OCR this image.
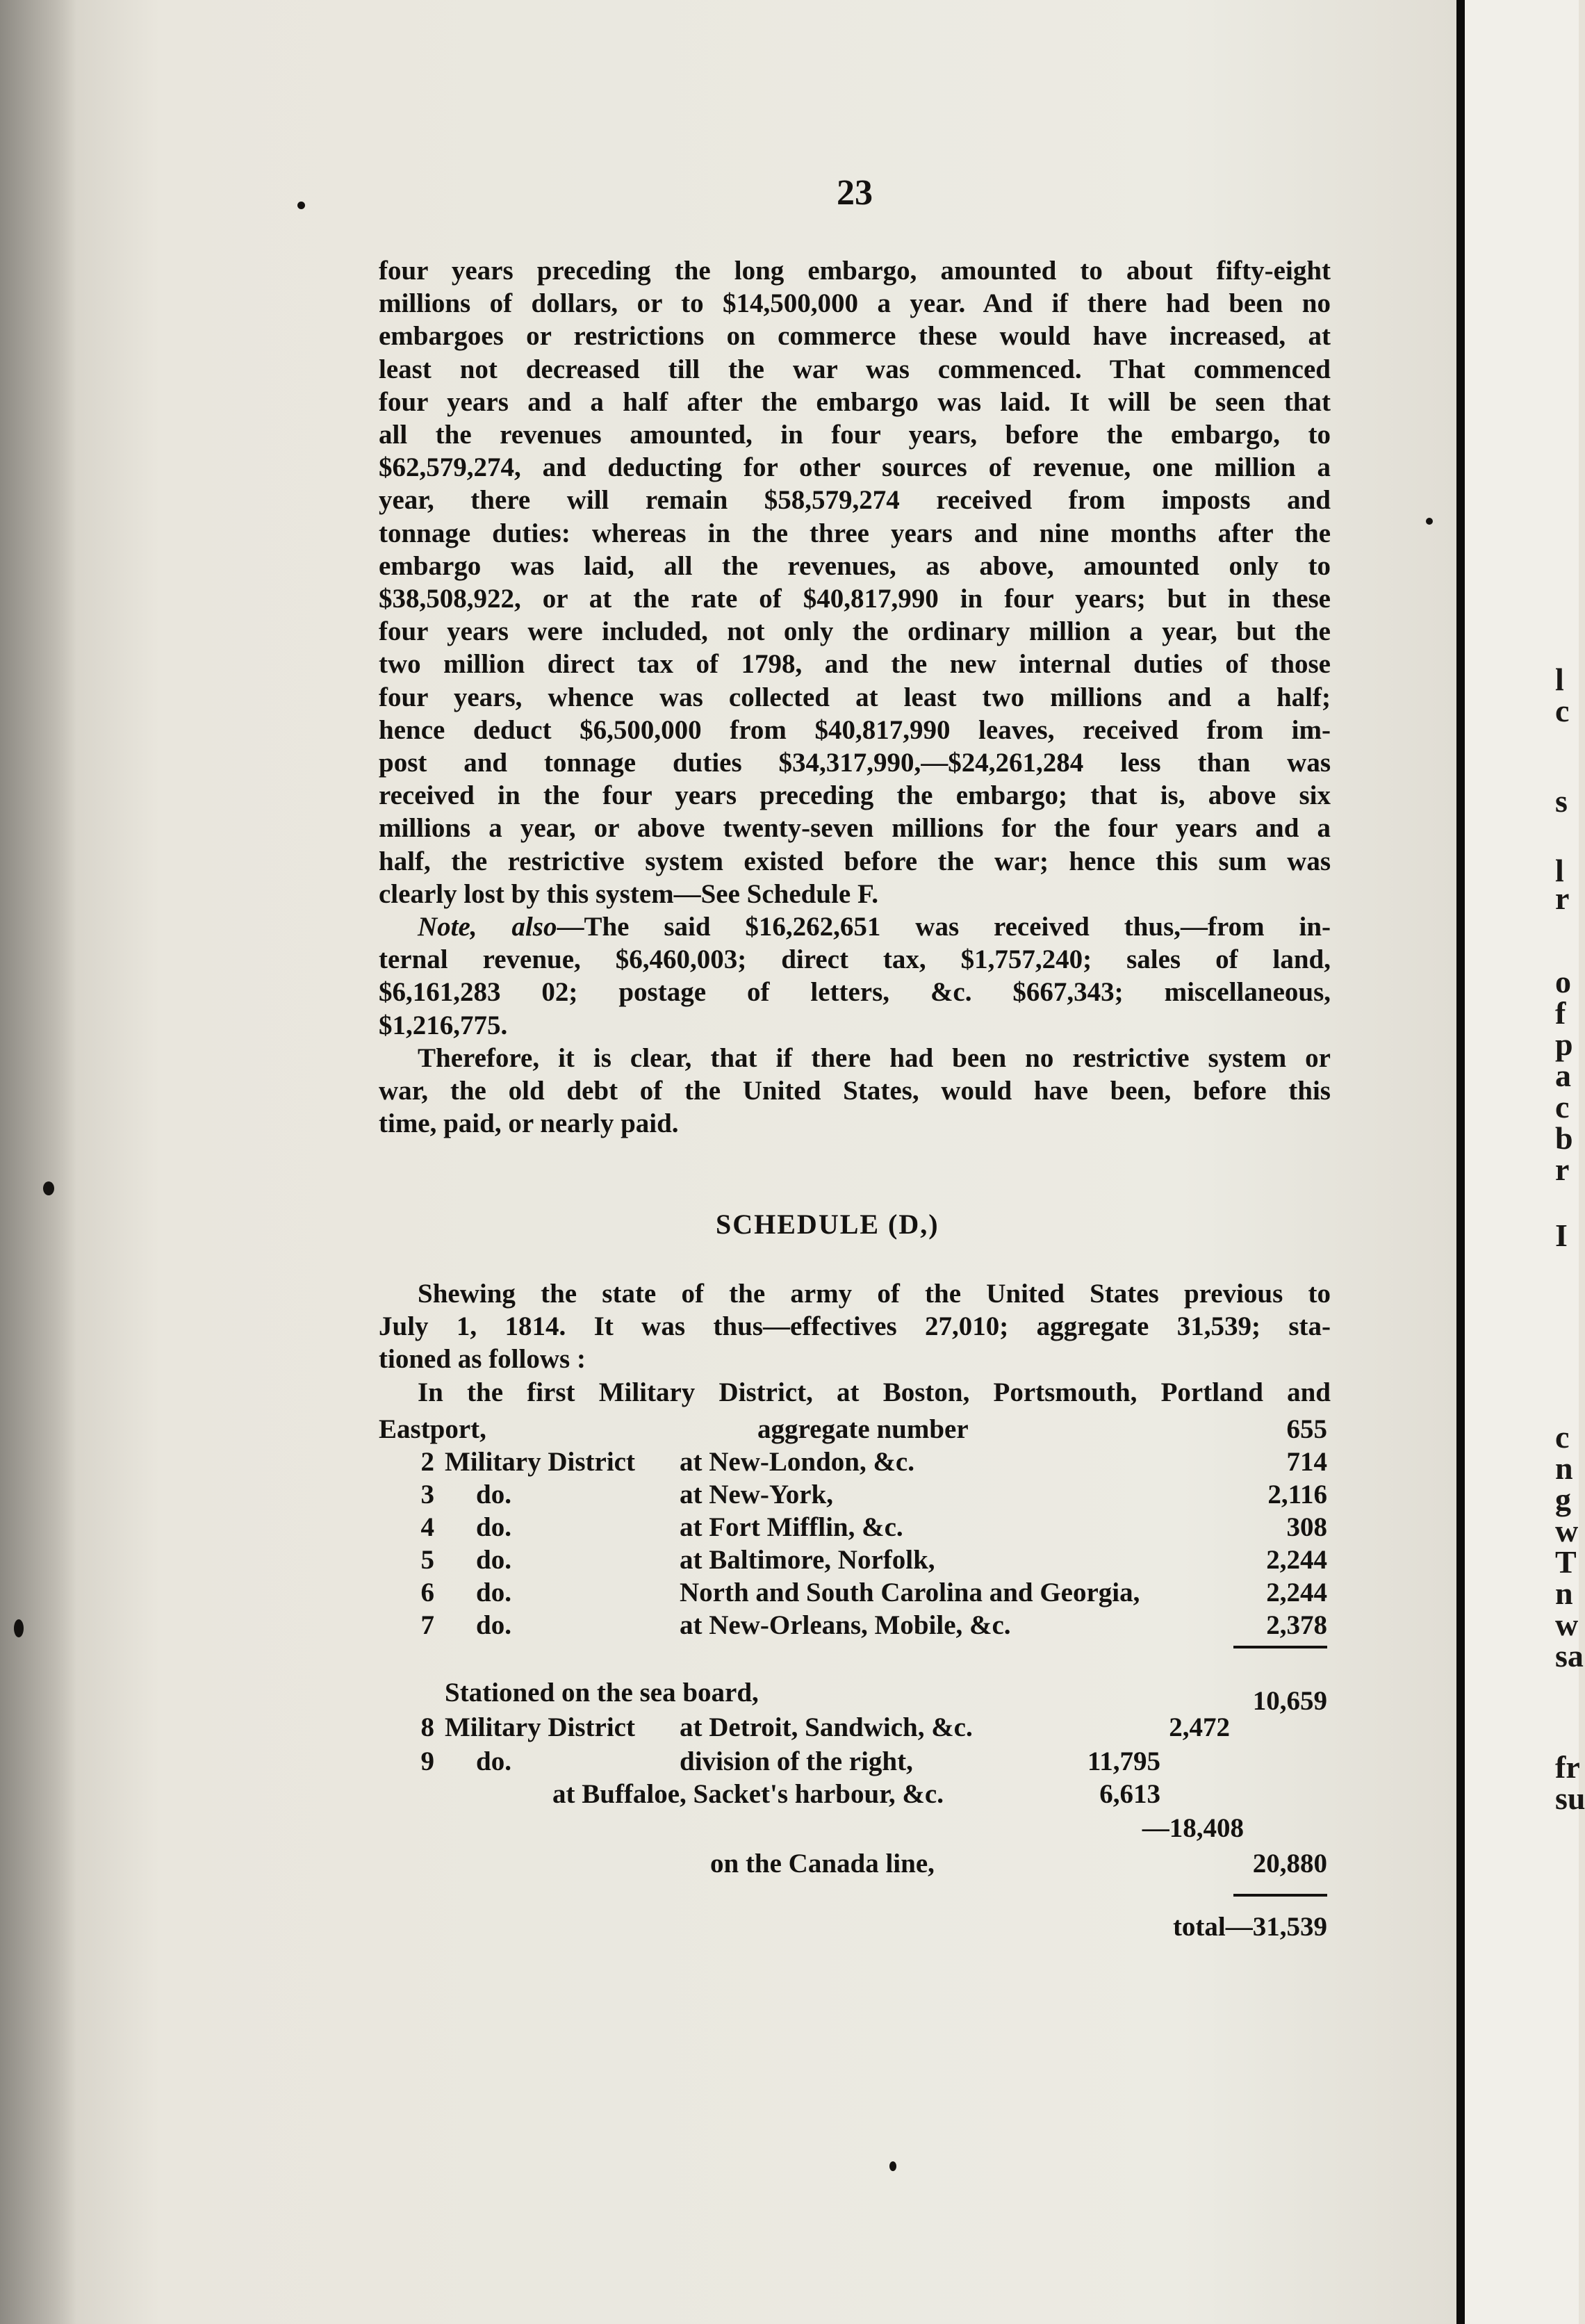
l
c
s
l
r
o
f
p
a
c
b
r
I
c
n
g
w
T
n
w
sa
fr
su
23
four years preceding the long embargo, amounted to about fifty-eight
millions of dollars, or to $14,500,000 a year. And if there had been no
embargoes or restrictions on commerce these would have increased, at
least not decreased till the war was commenced. That commenced
four years and a half after the embargo was laid. It will be seen that
all the revenues amounted, in four years, before the embargo, to
$62,579,274, and deducting for other sources of revenue, one million a
year, there will remain $58,579,274 received from imposts and
tonnage duties: whereas in the three years and nine months after the
embargo was laid, all the revenues, as above, amounted only to
$38,508,922, or at the rate of $40,817,990 in four years; but in these
four years were included, not only the ordinary million a year, but the
two million direct tax of 1798, and the new internal duties of those
four years, whence was collected at least two millions and a half;
hence deduct $6,500,000 from $40,817,990 leaves, received from im-
post and tonnage duties $34,317,990,—$24,261,284 less than was
received in the four years preceding the embargo; that is, above six
millions a year, or above twenty-seven millions for the four years and a
half, the restrictive system existed before the war; hence this sum was
clearly lost by this system—See Schedule F.
Note, also—The said $16,262,651 was received thus,—from in-
ternal revenue, $6,460,003; direct tax, $1,757,240; sales of land,
$6,161,283 02; postage of letters, &c. $667,343; miscellaneous,
$1,216,775.
Therefore, it is clear, that if there had been no restrictive system or
war, the old debt of the United States, would have been, before this
time, paid, or nearly paid.
SCHEDULE (D,)
Shewing the state of the army of the United States previous to
July 1, 1814. It was thus—effectives 27,010; aggregate 31,539; sta-
tioned as follows :
In the first Military District, at Boston, Portsmouth, Portland and
Eastport,	aggregate number	655
2 Military District at New-London, &c.	714
3 do.	at New-York,	2,116
4 do.	at Fort Mifflin, &c.	308
5 do.	at Baltimore, Norfolk,	2,244
6 do.	North and South Carolina and Georgia,	2,244
7 do.	at New-Orleans, Mobile, &c.	2,378
Stationed on the sea board,	10,659
8 Military District at Detroit, Sandwich, &c.	2,472
9 do.	division of the right,	11,795
at Buffaloe, Sacket's harbour, &c.	6,613
—18,408
on the Canada line,	20,880
total—31,539
